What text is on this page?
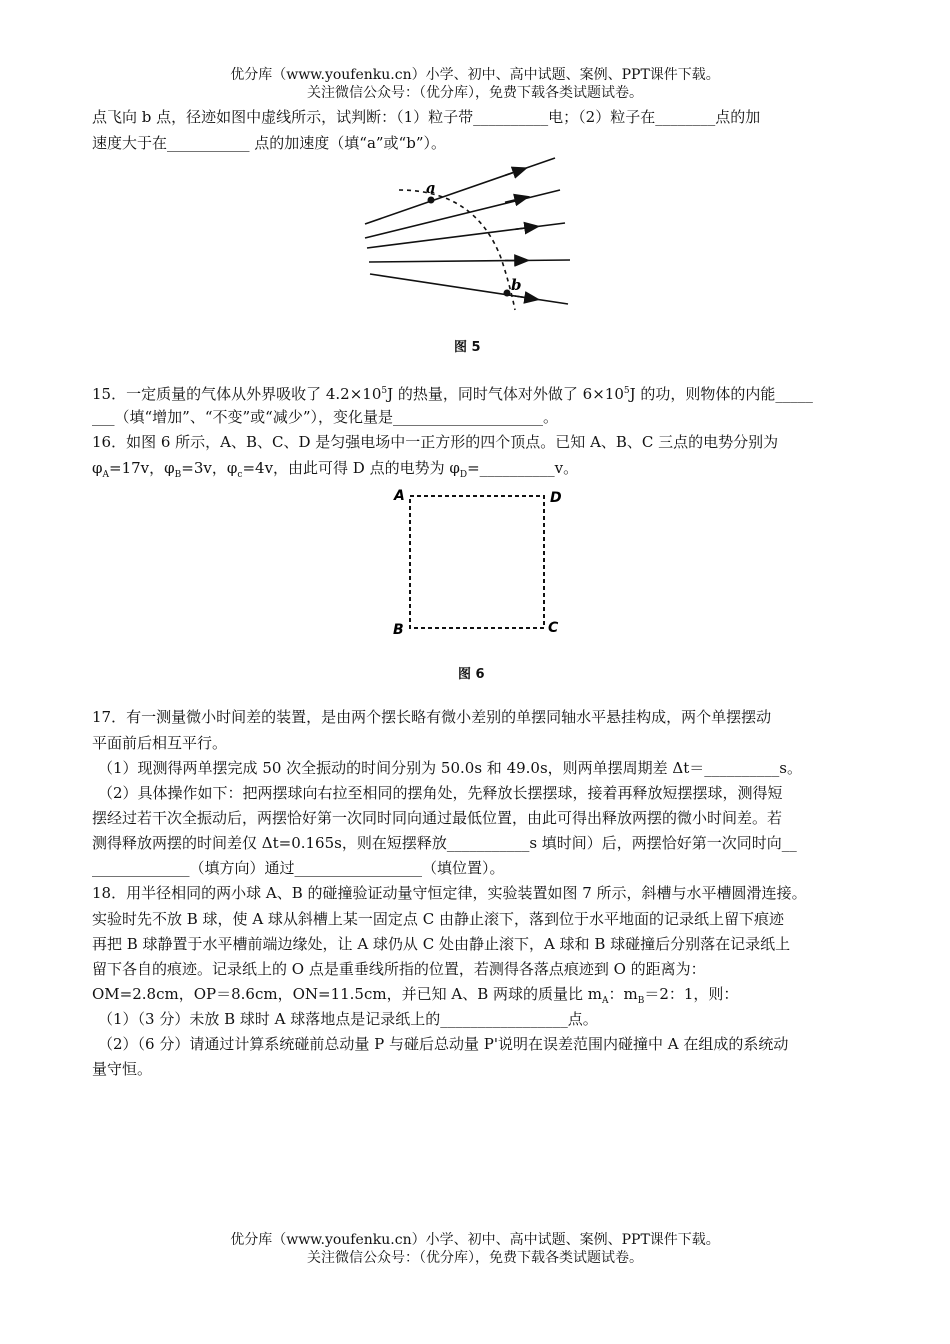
优分库（www.youfenku.cn）小学、初中、高中试题、案例、PPT课件下载。
关注微信公众号：（优分库），免费下载各类试题试卷。
点飞向 b 点，径迹如图中虚线所示，试判断：（1）粒子带__________电；（2）粒子在________点的加
速度大于在___________ 点的加速度（填“a”或“b”）。
a
b
图 5
15．一定质量的气体从外界吸收了 $4.2\times 10^5J$ 的热量，同时气体对外做了 $6\times 10^5J$ 的功，则物体的内能_____
___（填“增加”、“不变”或“减少”），变化量是____________________。
16．如图 6 所示，A、B、C、D 是匀强电场中一正方形的四个顶点。已知 A、B、C 三点的电势分别为
$\varphi_A=17v$，$\varphi_B=3v$，$\varphi_c=4v$，由此可得 D 点的电势为 $\varphi_D=\_\_\_\_\_\_\_\_\_\_v$。
A	D
B	C
图 6
17．有一测量微小时间差的装置，是由两个摆长略有微小差别的单摆同轴水平悬挂构成，两个单摆摆动
平面前后相互平行。
（1）现测得两单摆完成 50 次全振动的时间分别为 50.0s 和 49.0s，则两单摆周期差 Δt＝__________s。
（2）具体操作如下：把两摆球向右拉至相同的摆角处，先释放长摆摆球，接着再释放短摆摆球，测得短
摆经过若干次全振动后，两摆恰好第一次同时同向通过最低位置，由此可得出释放两摆的微小时间差。若
测得释放两摆的时间差仅 Δt=0.165s，则在短摆释放___________s 填时间）后，两摆恰好第一次同时向__
_____________（填方向）通过_________________（填位置）。
18．用半径相同的两小球 A、B 的碰撞验证动量守恒定律，实验装置如图 7 所示，斜槽与水平槽圆滑连接。
实验时先不放 B 球，使 A 球从斜槽上某一固定点 C 由静止滚下，落到位于水平地面的记录纸上留下痕迹
再把 B 球静置于水平槽前端边缘处，让 A 球仍从 C 处由静止滚下，A 球和 B 球碰撞后分别落在记录纸上
留下各自的痕迹。记录纸上的 O 点是重垂线所指的位置，若测得各落点痕迹到 O 的距离为：
OM=2.8cm，OP＝8.6cm，ON=11.5cm，并已知 A、B 两球的质量比 $m_A$：$m_B=2$：1，则：
（1）（3 分）未放 B 球时 A 球落地点是记录纸上的_________________点。
（2）（6 分）请通过计算系统碰前总动量 P 与碰后总动量 P'说明在误差范围内碰撞中 A 在组成的系统动
量守恒。
优分库（www.youfenku.cn）小学、初中、高中试题、案例、PPT课件下载。
关注微信公众号：（优分库），免费下载各类试题试卷。
